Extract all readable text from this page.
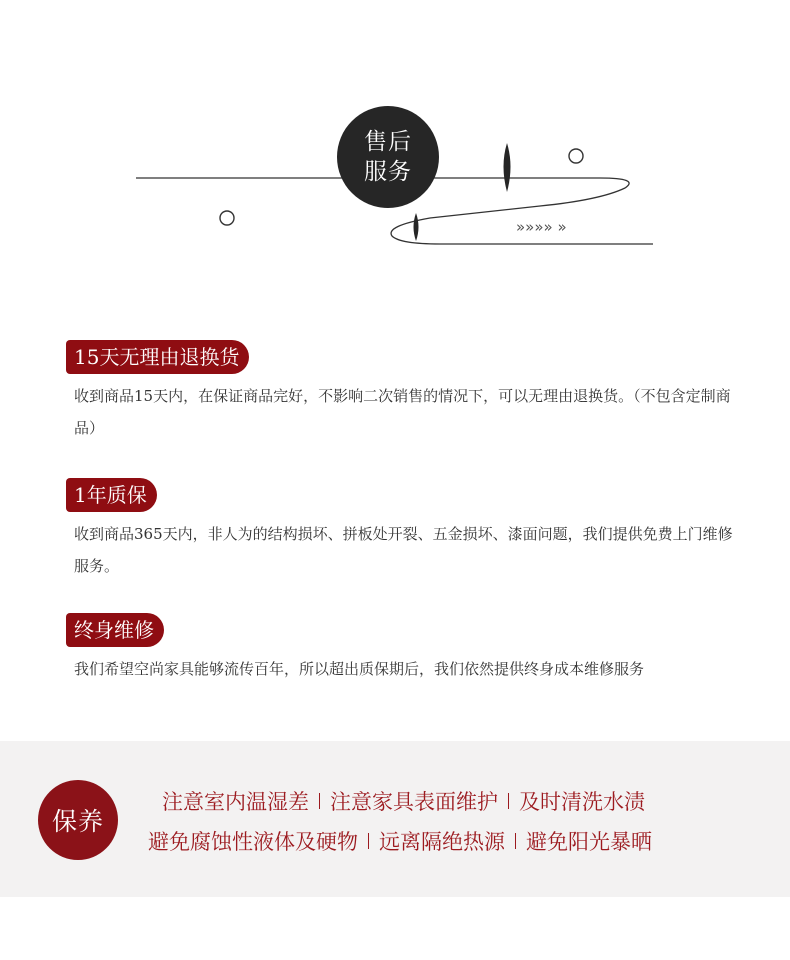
»»»» »
售后
服务
15天无理由退换货
收到商品15天内，在保证商品完好，不影响二次销售的情况下，可以无理由退换货。（不包含定制商品）
1年质保
收到商品365天内，非人为的结构损坏、拼板处开裂、五金损坏、漆面问题，我们提供免费上门维修服务。
终身维修
我们希望空尚家具能够流传百年，所以超出质保期后，我们依然提供终身成本维修服务
保养
注意室内温湿差 注意家具表面维护 及时清洗水渍
避免腐蚀性液体及硬物 远离隔绝热源 避免阳光暴晒
